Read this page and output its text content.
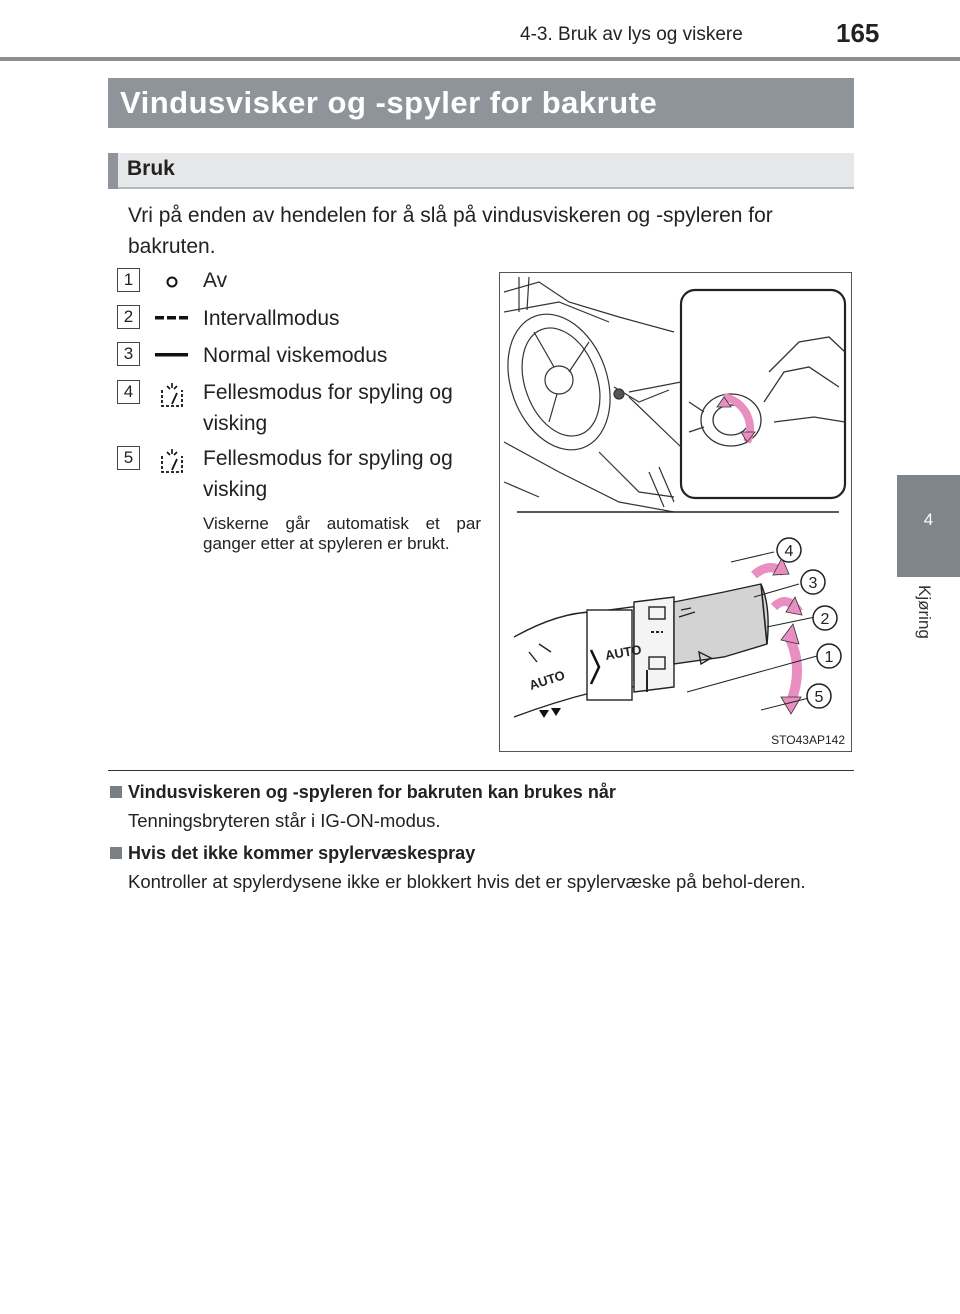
4-3. Bruk av lys og viskere	165
4
Kjøring
Vindusvisker og -spyler for bakrute
Bruk
Vri på enden av hendelen for å slå på vindusviskeren og -spyleren for bakruten.
1	Av
2	Intervallmodus
3	Normal viskemodus
4	Fellesmodus for spyling og visking
5	Fellesmodus for spyling og visking
Viskerne går automatisk et par ganger etter at spyleren er brukt.
AUTO
AUTO
4
3
2
1
5
STO43AP142
Vindusviskeren og -spyleren for bakruten kan brukes når
Tenningsbryteren står i IG-ON-modus.
Hvis det ikke kommer spylervæskespray
Kontroller at spylerdysene ikke er blokkert hvis det er spylervæske på behol-deren.
